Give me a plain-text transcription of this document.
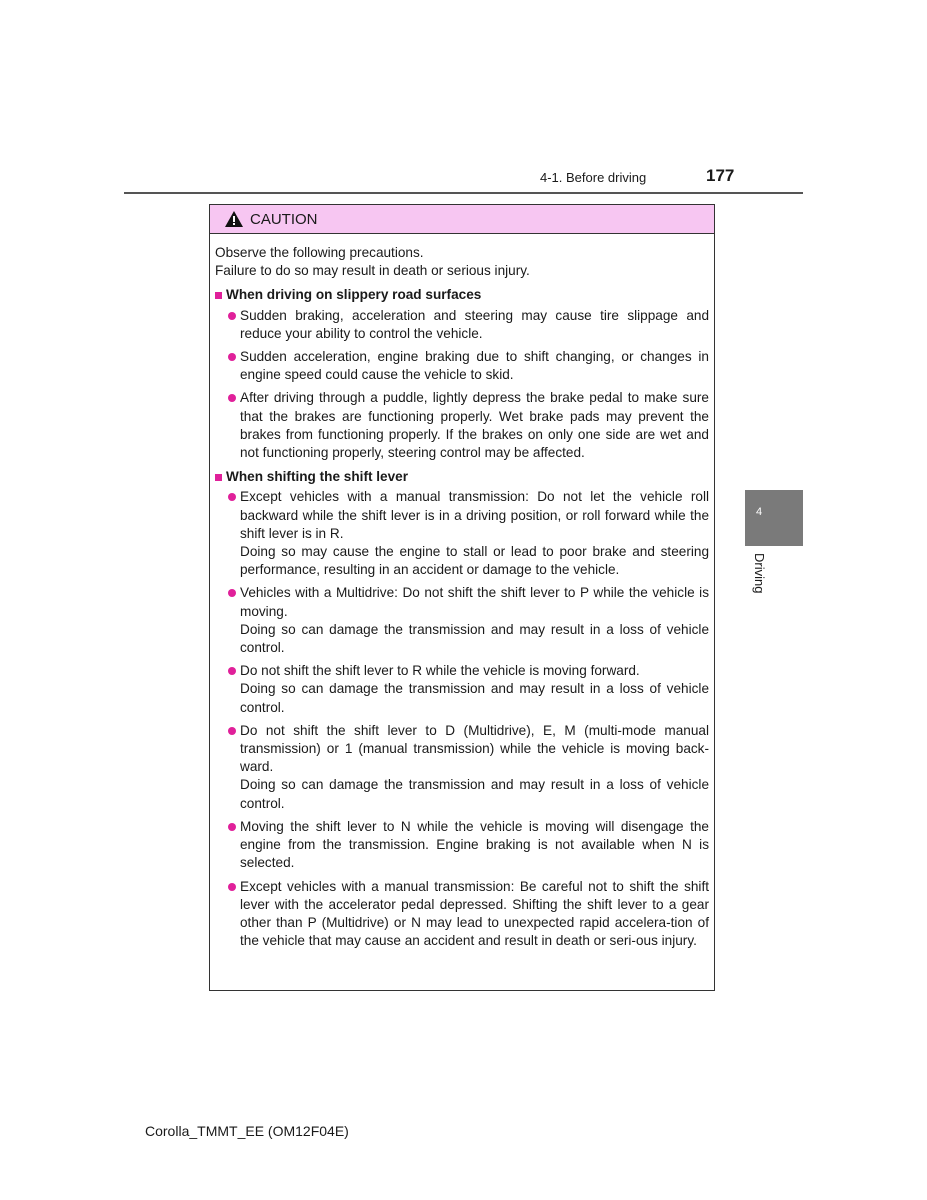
4-1. Before driving	177
CAUTION

Observe the following precautions.

Failure to do so may result in death or serious injury.

When driving on slippery road surfaces

Sudden braking, acceleration and steering may cause tire slippage and reduce your ability to control the vehicle.

Sudden acceleration, engine braking due to shift changing, or changes in engine speed could cause the vehicle to skid.

After driving through a puddle, lightly depress the brake pedal to make sure that the brakes are functioning properly. Wet brake pads may prevent the brakes from functioning properly. If the brakes on only one side are wet and not functioning properly, steering control may be affected.

When shifting the shift lever

Except vehicles with a manual transmission: Do not let the vehicle roll backward while the shift lever is in a driving position, or roll forward while the shift lever is in R.

Doing so may cause the engine to stall or lead to poor brake and steering performance, resulting in an accident or damage to the vehicle.

Vehicles with a Multidrive: Do not shift the shift lever to P while the vehicle is moving.

Doing so can damage the transmission and may result in a loss of vehicle control.

Do not shift the shift lever to R while the vehicle is moving forward.

Doing so can damage the transmission and may result in a loss of vehicle control.

Do not shift the shift lever to D (Multidrive), E, M (multi-mode manual transmission) or 1 (manual transmission) while the vehicle is moving back-ward.

Doing so can damage the transmission and may result in a loss of vehicle control.

Moving the shift lever to N while the vehicle is moving will disengage the engine from the transmission. Engine braking is not available when N is selected.

Except vehicles with a manual transmission: Be careful not to shift the shift lever with the accelerator pedal depressed. Shifting the shift lever to a gear other than P (Multidrive) or N may lead to unexpected rapid accelera-tion of the vehicle that may cause an accident and result in death or seri-ous injury.

4
Driving
Corolla_TMMT_EE (OM12F04E)
